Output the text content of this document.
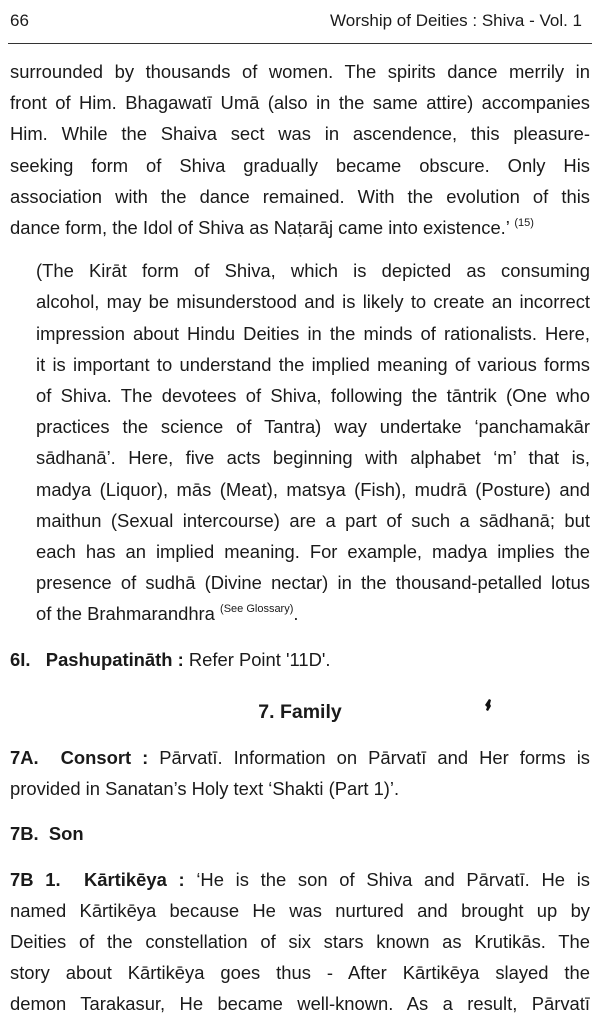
66	Worship of Deities : Shiva - Vol. 1

surrounded by thousands of women. The spirits dance merrily in
front of Him. Bhagawatī Umā (also in the same attire) accompanies
Him. While the Shaiva sect was in ascendence, this pleasure-
seeking form of Shiva gradually became obscure. Only His
association with the dance remained. With the evolution of this
dance form, the Idol of Shiva as Naṭarāj came into existence.’ $^{(15)}$

(The Kirāt form of Shiva, which is depicted as consuming
alcohol, may be misunderstood and is likely to create an incorrect
impression about Hindu Deities in the minds of rationalists. Here,
it is important to understand the implied meaning of various forms
of Shiva. The devotees of Shiva, following the tāntrik (One who
practices the science of Tantra) way undertake ‘panchamakār
sādhanā’. Here, five acts beginning with alphabet ‘m’ that is,
madya (Liquor), mās (Meat), matsya (Fish), mudrā (Posture) and
maithun (Sexual intercourse) are a part of such a sādhanā; but
each has an implied meaning. For example, madya implies the
presence of sudhā (Divine nectar) in the thousand-petalled lotus
of the Brahmarandhra $^{(See Glossary)}$.

6I. Pashupatināth : Refer Point '11D'.

7. Family

7A. Consort : Pārvatī. Information on Pārvatī and Her forms is
provided in Sanatan’s Holy text ‘Shakti (Part 1)’.

7B. Son

7B 1. Kārtikēya : ‘He is the son of Shiva and Pārvatī. He is
named Kārtikēya because He was nurtured and brought up by
Deities of the constellation of six stars known as Krutikās. The
story about Kārtikēya goes thus - After Kārtikēya slayed the
demon Tarakasur, He became well-known. As a result, Pārvatī
